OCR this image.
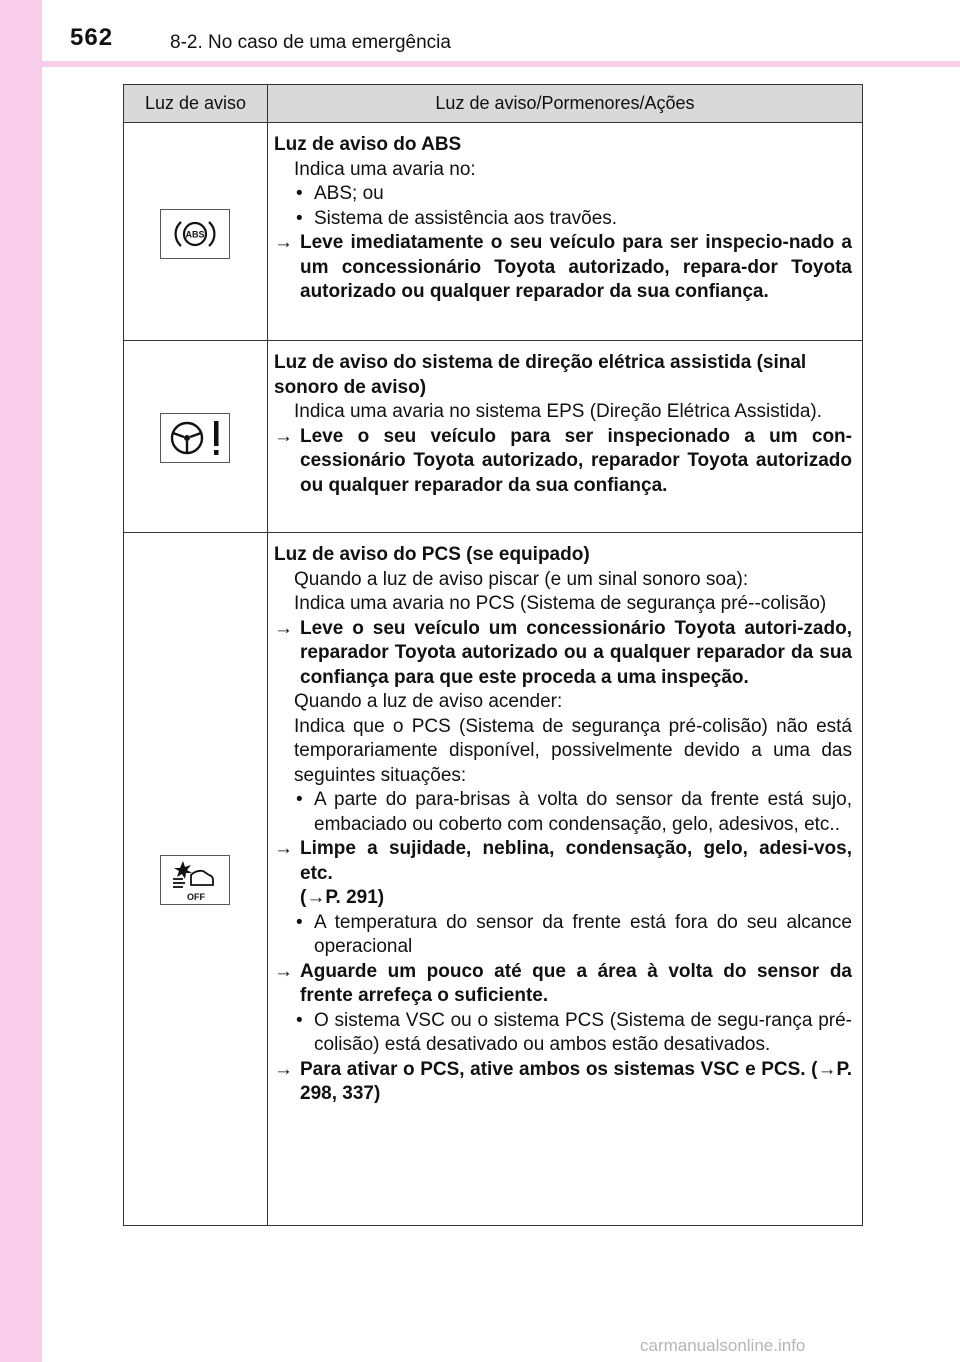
562	8-2. No caso de uma emergência
Luz de aviso	Luz de aviso/Pormenores/Ações
ABS
Luz de aviso do ABS
Indica uma avaria no:
• ABS; ou
• Sistema de assistência aos travões.
→ Leve imediatamente o seu veículo para ser inspecio-nado a um concessionário Toyota autorizado, repara-dor Toyota autorizado ou qualquer reparador da sua confiança.
Luz de aviso do sistema de direção elétrica assistida (sinal sonoro de aviso)
Indica uma avaria no sistema EPS (Direção Elétrica Assistida).
→ Leve o seu veículo para ser inspecionado a um con-cessionário Toyota autorizado, reparador Toyota autorizado ou qualquer reparador da sua confiança.
OFF
Luz de aviso do PCS (se equipado)
Quando a luz de aviso piscar (e um sinal sonoro soa):
Indica uma avaria no PCS (Sistema de segurança pré--colisão)
→ Leve o seu veículo um concessionário Toyota autori-zado, reparador Toyota autorizado ou a qualquer reparador da sua confiança para que este proceda a uma inspeção.
Quando a luz de aviso acender:
Indica que o PCS (Sistema de segurança pré-colisão) não está temporariamente disponível, possivelmente devido a uma das seguintes situações:
• A parte do para-brisas à volta do sensor da frente está sujo, embaciado ou coberto com condensação, gelo, adesivos, etc..
→ Limpe a sujidade, neblina, condensação, gelo, adesi-vos, etc.
(→P. 291)
• A temperatura do sensor da frente está fora do seu alcance operacional
→ Aguarde um pouco até que a área à volta do sensor da frente arrefeça o suficiente.
• O sistema VSC ou o sistema PCS (Sistema de segu-rança pré-colisão) está desativado ou ambos estão desativados.
→ Para ativar o PCS, ative ambos os sistemas VSC e PCS. (→P. 298, 337)
carmanualsonline.info
